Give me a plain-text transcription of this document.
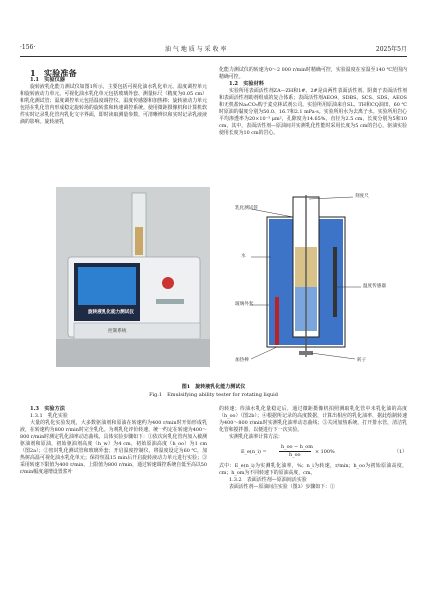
·156·	油 气 地 质 与 采 收 率	2025年5月

1　实验准备

1.1　实验仪器

旋转液乳化能力测试仪如图1所示，主要包括可视化油水乳化单元、温度调控单元和旋转液动力单元。可视化油水乳化单元包括玻璃外套、测量标尺（精度为0.05 cm）和乳化测试管；温度调控单元包括温度调控仪、温度传感器和加热棒；旋转液动力单元包括在乳化管内形成稳定旋转场的旋转浆和转速调控系统。使用微距摄像机和计算机软件实时记录乳化管内乳化文字界面，即时读取测量参数，可清晰辨识和实时记录乳液液滴的影响。旋转液乳

化能力测试仪的转速为0～2 000 r/min时精确可控，实验温度在室温至140 ℃范围内精确可控。

1.2　实验材料

实验所用表面活性剂ZA—ZH和1#、2#是由两性表面活性剂、阴离子表面活性剂和表面活性剂助剂组成的复合体系；表面活性剂AEO9、SDBS、SCS、SDS、AEOS和无机盐Na₂CO₃购于麦克林试剂公司。实验所用原油来自SL、TH和CQ油田，60 ℃时原油的黏度分别为50.0、16.7和2.1 mPa·s。实验所用水为去离子水。实验所用岩心平均渗透率为20×10⁻³ μm²，孔隙度为14.65%，直径为2.5 cm，长度分别为5和10 cm，其中，表面活性剂—原油间并实测乳化性能时采用长度为5 cm的岩心，驱油实验使用长度为10 cm的岩心。

旋转液乳化能力测试仪
控制系统
刻度尺
乳化测试管
水
玻璃外套
加热棒
温度传感器
转子
图1　旋转液乳化能力测试仪
Fig.1　Emulsifying ability tester for rotating liquid

1.3　实验方法

1.3.1　乳化实验

大量的乳化实验发现，大多数驱油剂和原油在转速约为400 r/min时开始形成乳液，在转速约为800 r/min时完全乳化。为观乳化评价转速，统一约定在转速为400～800 r/min时测定乳化油率动态曲线。具体实验步骤如下：①依次向乳化管内加入被测驱油剂和原油，初始驱油剂高度（h_w）为4 cm，初始原油高度（h_oo）为1 cm（图2a）；②密封乳化测试管和玻璃外套；开启温度控制仪，将温度设定为60 ℃，加热树高温可视化油水乳化单元；保持恒温15 min后开启旋转液动力单元进行实验；③采用转速下限值为400 r/min，上限值为800 r/min，通过转速调控系统自低至高以50 r/min幅度递增设置浆叶

的转速；待油水乳化量稳定后，通过微距摄像机拍照测取乳化管中未乳化油的高度（h_oo）（图2b）；④根据所记录的高度数据，计算出相应的乳化油率，据此绘制转速为400～800 r/min时实测乳化油率动态曲线；⑤关闭加热系统，打开排水管，清洁乳化管和搅拌器，以便进行下一次实验。

实测乳化油率计算方法：

E_e(n_i) =
h_oo − h_om
h_oo	× 100%	（1）

式中：E_e(n_i)为实测乳化油率，%；n_i为转速，r/min；h_oo为初始原油高度，cm；h_om为不同转速下的原油高度，cm。

1.3.2　表面活性剂—原油间活实验

表面活性剂—原油间注实验（图3）步骤如下：①
